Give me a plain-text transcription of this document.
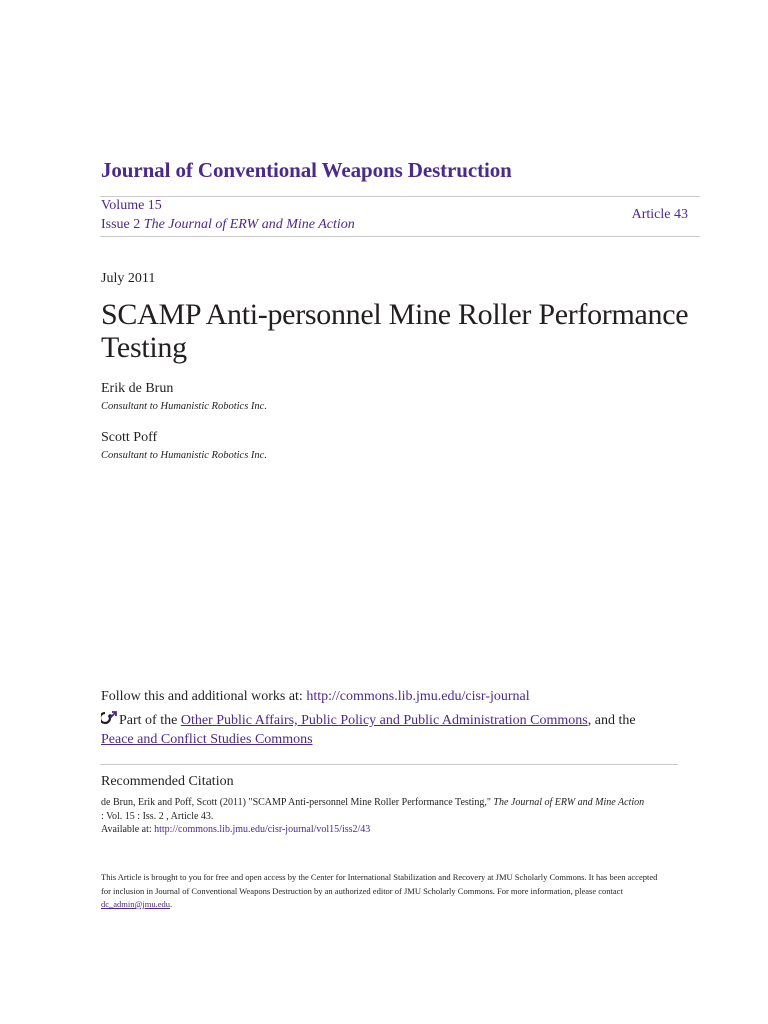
Journal of Conventional Weapons Destruction
Volume 15
Issue 2 The Journal of ERW and Mine Action
Article 43
July 2011
SCAMP Anti-personnel Mine Roller Performance Testing
Erik de Brun
Consultant to Humanistic Robotics Inc.
Scott Poff
Consultant to Humanistic Robotics Inc.
Follow this and additional works at: http://commons.lib.jmu.edu/cisr-journal
Part of the Other Public Affairs, Public Policy and Public Administration Commons, and the
Peace and Conflict Studies Commons
Recommended Citation
de Brun, Erik and Poff, Scott (2011) "SCAMP Anti-personnel Mine Roller Performance Testing," The Journal of ERW and Mine Action
: Vol. 15 : Iss. 2 , Article 43.
Available at: http://commons.lib.jmu.edu/cisr-journal/vol15/iss2/43
This Article is brought to you for free and open access by the Center for International Stabilization and Recovery at JMU Scholarly Commons. It has been accepted for inclusion in Journal of Conventional Weapons Destruction by an authorized editor of JMU Scholarly Commons. For more information, please contact dc_admin@jmu.edu.
